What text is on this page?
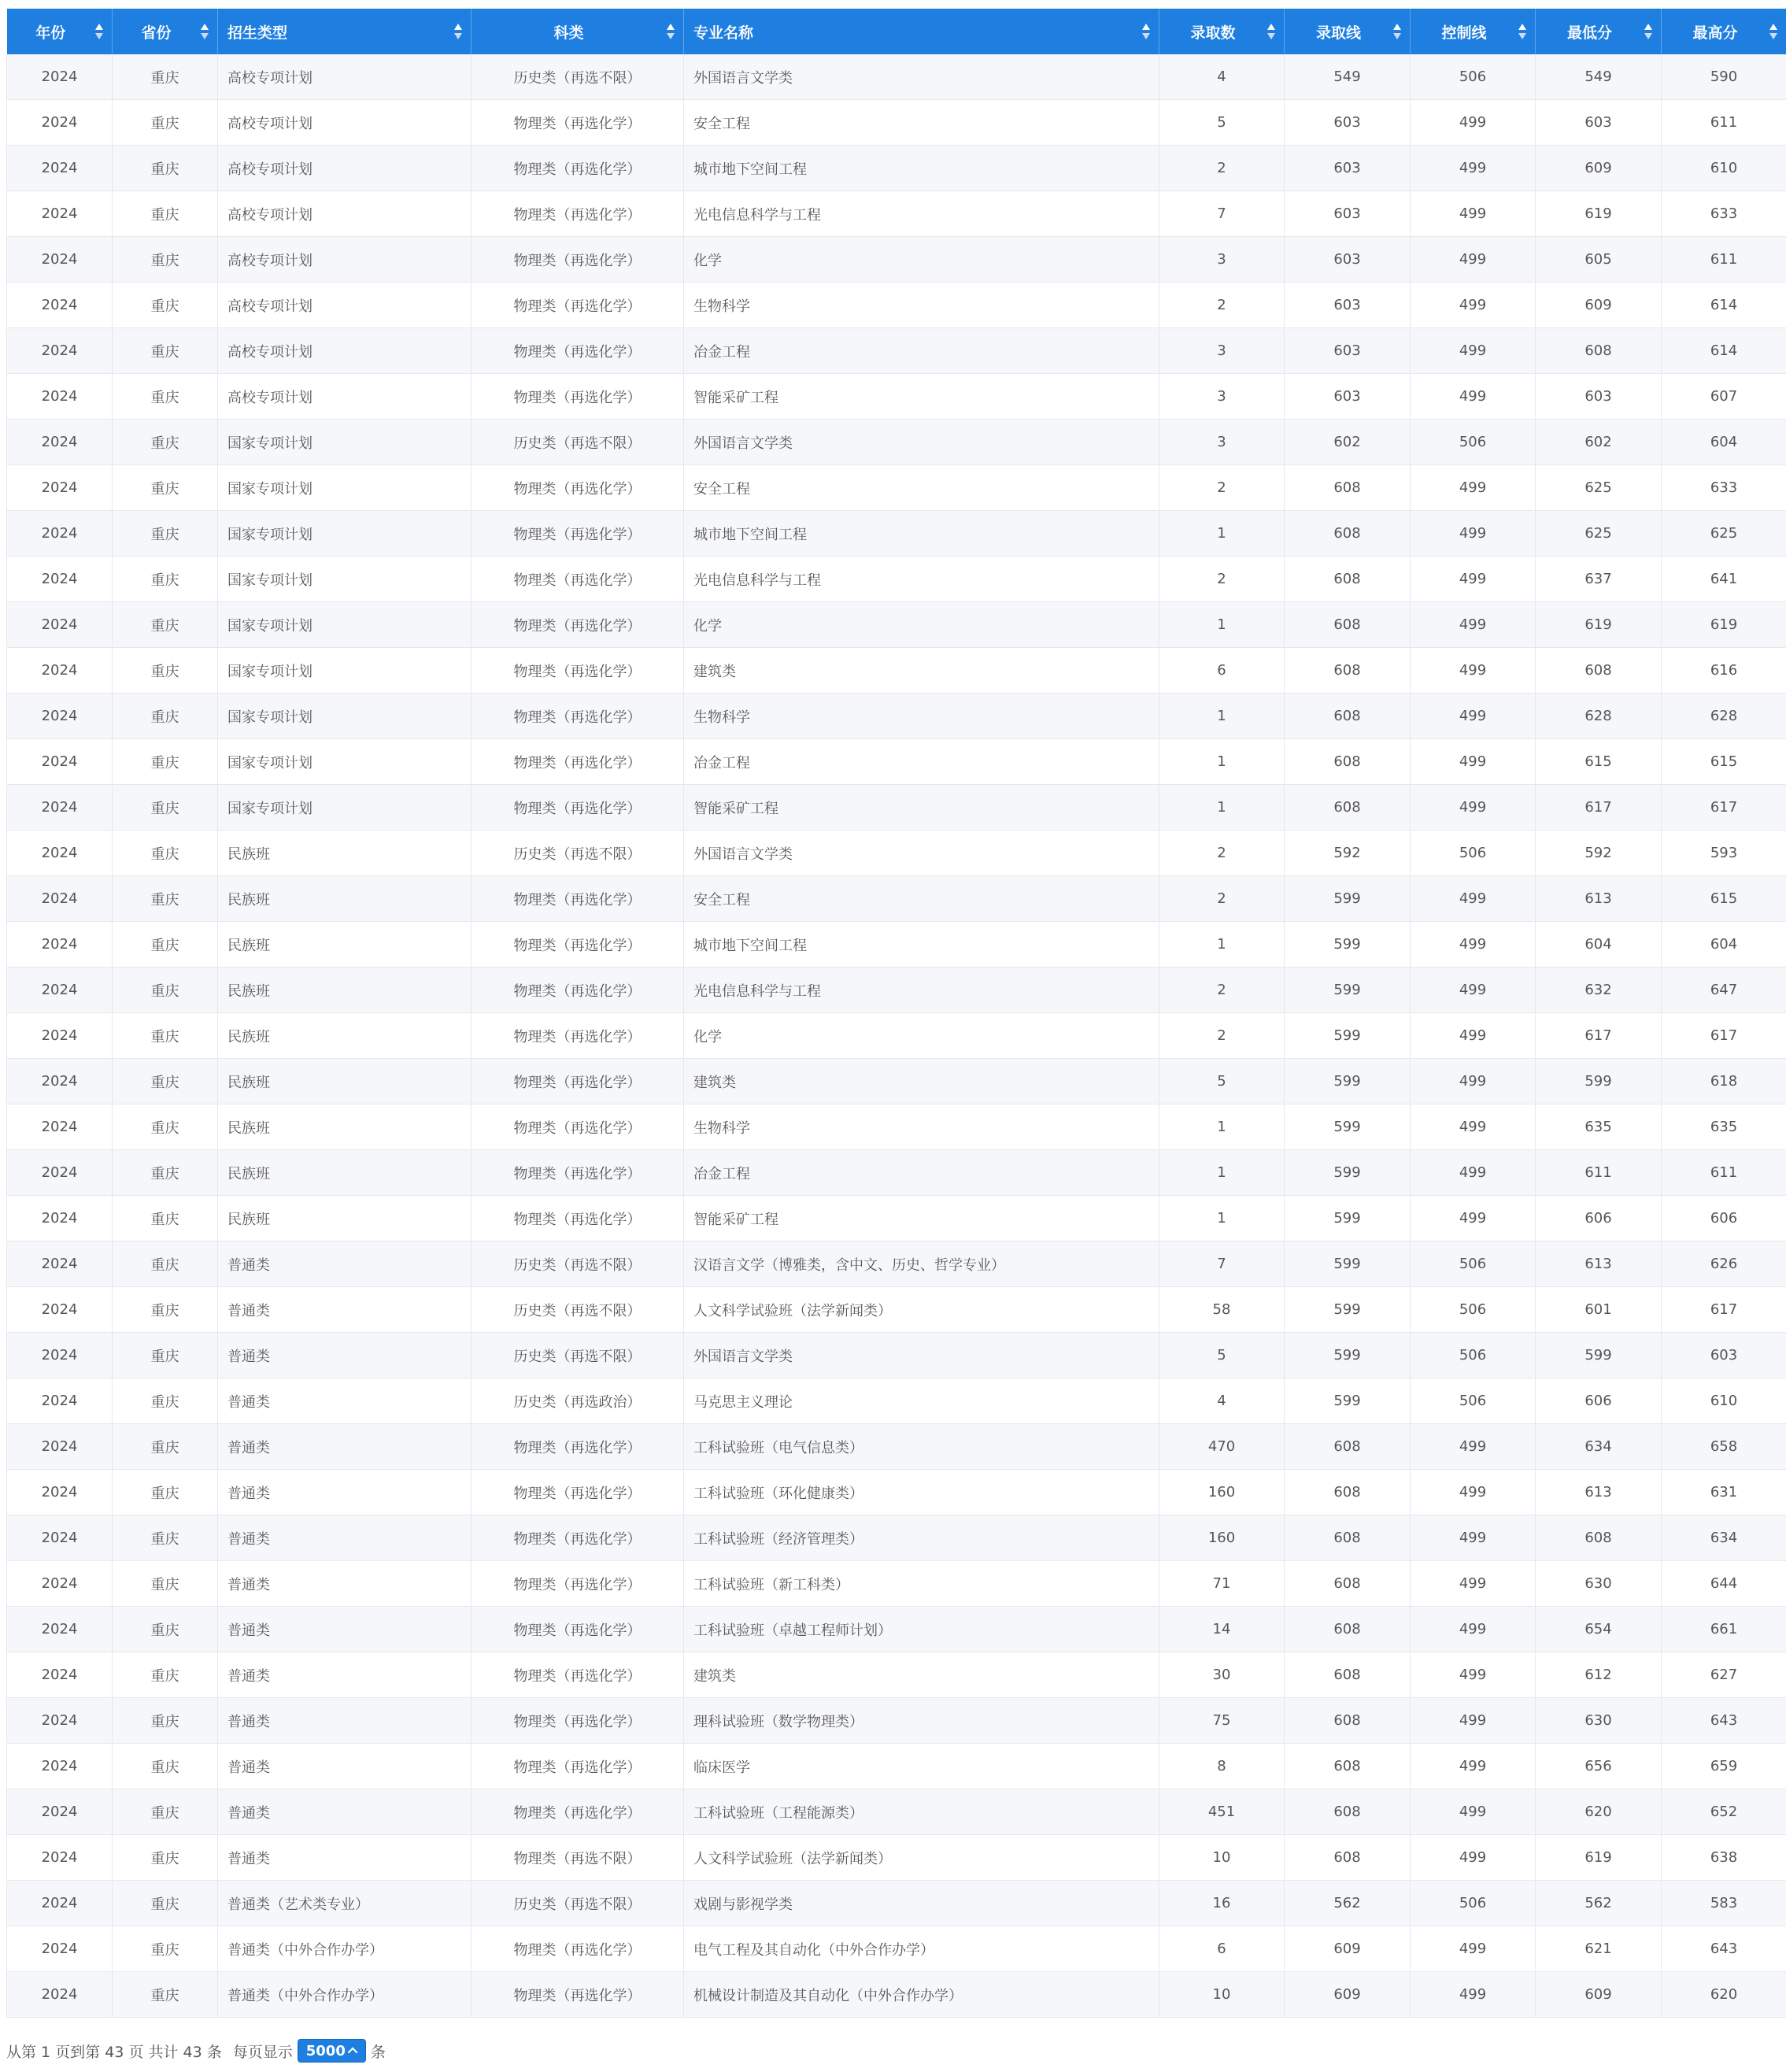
年份	省份	招生类型	科类	专业名称	录取数	录取线	控制线	最低分	最高分

2024	重庆	高校专项计划	历史类（再选不限）	外国语言文学类	4	549	506	549	590
2024	重庆	高校专项计划	物理类（再选化学）	安全工程	5	603	499	603	611
2024	重庆	高校专项计划	物理类（再选化学）	城市地下空间工程	2	603	499	609	610
2024	重庆	高校专项计划	物理类（再选化学）	光电信息科学与工程	7	603	499	619	633
2024	重庆	高校专项计划	物理类（再选化学）	化学	3	603	499	605	611
2024	重庆	高校专项计划	物理类（再选化学）	生物科学	2	603	499	609	614
2024	重庆	高校专项计划	物理类（再选化学）	冶金工程	3	603	499	608	614
2024	重庆	高校专项计划	物理类（再选化学）	智能采矿工程	3	603	499	603	607
2024	重庆	国家专项计划	历史类（再选不限）	外国语言文学类	3	602	506	602	604
2024	重庆	国家专项计划	物理类（再选化学）	安全工程	2	608	499	625	633
2024	重庆	国家专项计划	物理类（再选化学）	城市地下空间工程	1	608	499	625	625
2024	重庆	国家专项计划	物理类（再选化学）	光电信息科学与工程	2	608	499	637	641
2024	重庆	国家专项计划	物理类（再选化学）	化学	1	608	499	619	619
2024	重庆	国家专项计划	物理类（再选化学）	建筑类	6	608	499	608	616
2024	重庆	国家专项计划	物理类（再选化学）	生物科学	1	608	499	628	628
2024	重庆	国家专项计划	物理类（再选化学）	冶金工程	1	608	499	615	615
2024	重庆	国家专项计划	物理类（再选化学）	智能采矿工程	1	608	499	617	617
2024	重庆	民族班	历史类（再选不限）	外国语言文学类	2	592	506	592	593
2024	重庆	民族班	物理类（再选化学）	安全工程	2	599	499	613	615
2024	重庆	民族班	物理类（再选化学）	城市地下空间工程	1	599	499	604	604
2024	重庆	民族班	物理类（再选化学）	光电信息科学与工程	2	599	499	632	647
2024	重庆	民族班	物理类（再选化学）	化学	2	599	499	617	617
2024	重庆	民族班	物理类（再选化学）	建筑类	5	599	499	599	618
2024	重庆	民族班	物理类（再选化学）	生物科学	1	599	499	635	635
2024	重庆	民族班	物理类（再选化学）	冶金工程	1	599	499	611	611
2024	重庆	民族班	物理类（再选化学）	智能采矿工程	1	599	499	606	606
2024	重庆	普通类	历史类（再选不限）	汉语言文学（博雅类，含中文、历史、哲学专业）	7	599	506	613	626
2024	重庆	普通类	历史类（再选不限）	人文科学试验班（法学新闻类）	58	599	506	601	617
2024	重庆	普通类	历史类（再选不限）	外国语言文学类	5	599	506	599	603
2024	重庆	普通类	历史类（再选政治）	马克思主义理论	4	599	506	606	610
2024	重庆	普通类	物理类（再选化学）	工科试验班（电气信息类）	470	608	499	634	658
2024	重庆	普通类	物理类（再选化学）	工科试验班（环化健康类）	160	608	499	613	631
2024	重庆	普通类	物理类（再选化学）	工科试验班（经济管理类）	160	608	499	608	634
2024	重庆	普通类	物理类（再选化学）	工科试验班（新工科类）	71	608	499	630	644
2024	重庆	普通类	物理类（再选化学）	工科试验班（卓越工程师计划）	14	608	499	654	661
2024	重庆	普通类	物理类（再选化学）	建筑类	30	608	499	612	627
2024	重庆	普通类	物理类（再选化学）	理科试验班（数学物理类）	75	608	499	630	643
2024	重庆	普通类	物理类（再选化学）	临床医学	8	608	499	656	659
2024	重庆	普通类	物理类（再选化学）	工科试验班（工程能源类）	451	608	499	620	652
2024	重庆	普通类	物理类（再选不限）	人文科学试验班（法学新闻类）	10	608	499	619	638
2024	重庆	普通类（艺术类专业）	历史类（再选不限）	戏剧与影视学类	16	562	506	562	583
2024	重庆	普通类（中外合作办学）	物理类（再选化学）	电气工程及其自动化（中外合作办学）	6	609	499	621	643
2024	重庆	普通类（中外合作办学）	物理类（再选化学）	机械设计制造及其自动化（中外合作办学）	10	609	499	609	620
从第 1 页到第 43 页 共计 43 条 每页显示 5000 条
